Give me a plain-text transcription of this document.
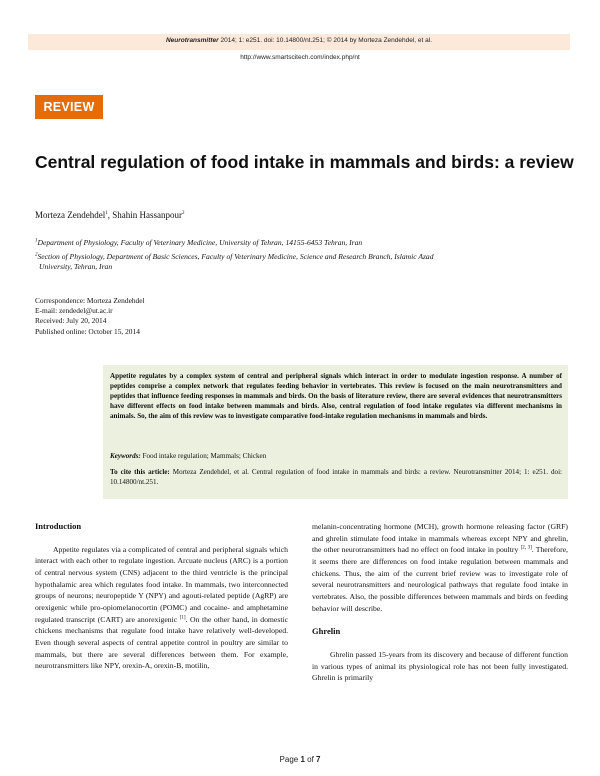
Neurotransmitter 2014; 1: e251. doi: 10.14800/nt.251; © 2014 by Morteza Zendehdel, et al.
http://www.smartscitech.com/index.php/nt
REVIEW
Central regulation of food intake in mammals and birds: a review
Morteza Zendehdel$^1$, Shahin Hassanpour$^2$
$^1$Department of Physiology, Faculty of Veterinary Medicine, University of Tehran, 14155-6453 Tehran, Iran
$^2$Section of Physiology, Department of Basic Sciences, Faculty of Veterinary Medicine, Science and Research Branch, Islamic Azad
University, Tehran, Iran
Correspondence: Morteza Zendehdel
E-mail: zendedel@ut.ac.ir
Received: July 20, 2014
Published online: October 15, 2014
Appetite regulates by a complex system of central and peripheral signals which interact in order to modulate ingestion response. A number of peptides comprise a complex network that regulates feeding behavior in vertebrates. This review is focused on the main neurotransmitters and peptides that influence feeding responses in mammals and birds. On the basis of literature review, there are several evidences that neurotransmitters have different effects on food intake between mammals and birds. Also, central regulation of food intake regulates via different mechanisms in animals. So, the aim of this review was to investigate comparative food-intake regulation mechanisms in mammals and birds.
Keywords: Food intake regulation; Mammals; Chicken
To cite this article: Morteza Zendehdel, et al. Central regulation of food intake in mammals and birds: a review. Neurotransmitter 2014; 1: e251. doi: 10.14800/nt.251.
Introduction
Appetite regulates via a complicated of central and peripheral signals which interact with each other to regulate ingestion. Arcuate nucleus (ARC) is a portion of central nervous system (CNS) adjacent to the third ventricle is the principal hypothalamic area which regulates food intake. In mammals, two interconnected groups of neurons; neuropeptide Y (NPY) and agouti-related peptide (AgRP) are orexigenic while pro-opiomelanocortin (POMC) and cocaine- and amphetamine regulated transcript (CART) are anorexigenic [1]. On the other hand, in domestic chickens mechanisms that regulate food intake have relatively well-developed. Even though several aspects of central appetite control in poultry are similar to mammals, but there are several differences between them. For example, neurotransmitters like NPY, orexin-A, orexin-B, motilin,
melanin-concentrating hormone (MCH), growth hormone releasing factor (GRF) and ghrelin stimulate food intake in mammals whereas except NPY and ghrelin, the other neurotransmitters had no effect on food intake in poultry [2, 3]. Therefore, it seems there are differences on food intake regulation between mammals and chickens. Thus, the aim of the current brief review was to investigate role of several neurotransmitters and neurological pathways that regulate food intake in vertebrates. Also, the possible differences between mammals and birds on feeding behavior will describe.
Ghrelin
Ghrelin passed 15-years from its discovery and because of different function in various types of animal its physiological role has not been fully investigated. Ghrelin is primarily
Page 1 of 7
